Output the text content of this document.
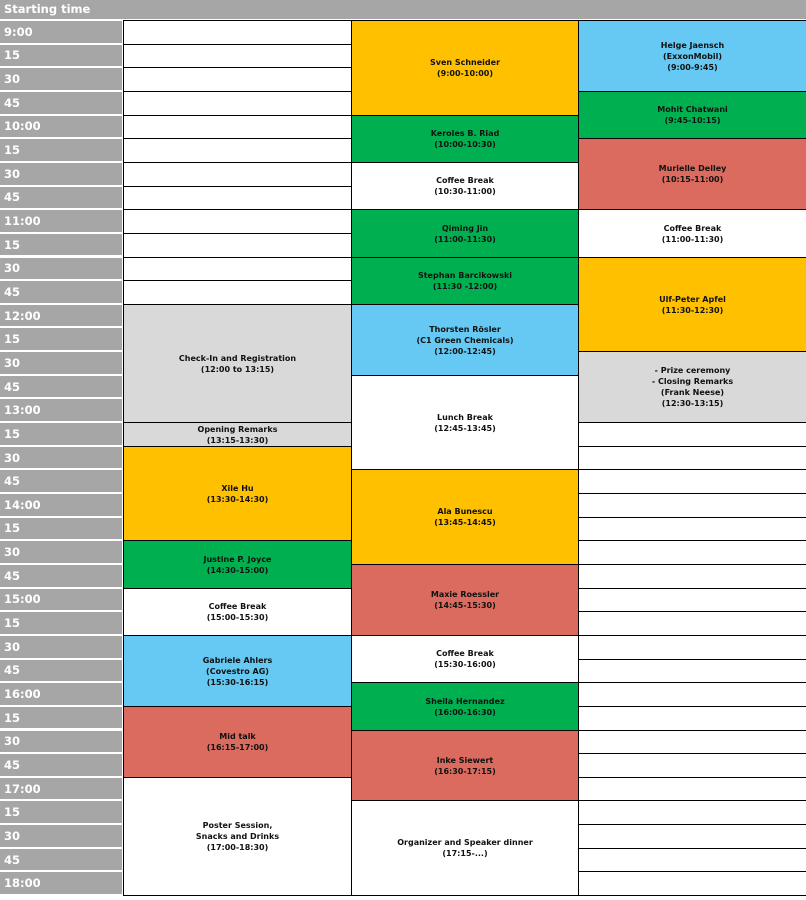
Starting time
9:00
15
30
45
10:00
15
30
45
11:00
15
30
45
12:00
15
30
45
13:00
15
30
45
14:00
15
30
45
15:00
15
30
45
16:00
15
30
45
17:00
15
30
45
18:00
Check-In and Registration
(12:00 to 13:15)
Opening Remarks
(13:15-13:30)
Xile Hu
(13:30-14:30)
Justine P. Joyce
(14:30-15:00)
Coffee Break
(15:00-15:30)
Gabriele Ahlers
(Covestro AG)
(15:30-16:15)
Mid talk
(16:15-17:00)
Poster Session,
Snacks and Drinks
(17:00-18:30)
Sven Schneider
(9:00-10:00)
Keroles B. Riad
(10:00-10:30)
Coffee Break
(10:30-11:00)
Qiming Jin
(11:00-11:30)
Stephan Barcikowski
(11:30 -12:00)
Thorsten Rösler
(C1 Green Chemicals)
(12:00-12:45)
Lunch Break
(12:45-13:45)
Ala Bunescu
(13:45-14:45)
Maxie Roessler
(14:45-15:30)
Coffee Break
(15:30-16:00)
Sheila Hernandez
(16:00-16:30)
Inke Siewert
(16:30-17:15)
Organizer and Speaker dinner
(17:15-...)
Helge Jaensch
(ExxonMobil)
(9:00-9:45)
Mohit Chatwani
(9:45-10:15)
Murielle Delley
(10:15-11:00)
Coffee Break
(11:00-11:30)
Ulf-Peter Apfel
(11:30-12:30)
- Prize ceremony
- Closing Remarks
(Frank Neese)
(12:30-13:15)
